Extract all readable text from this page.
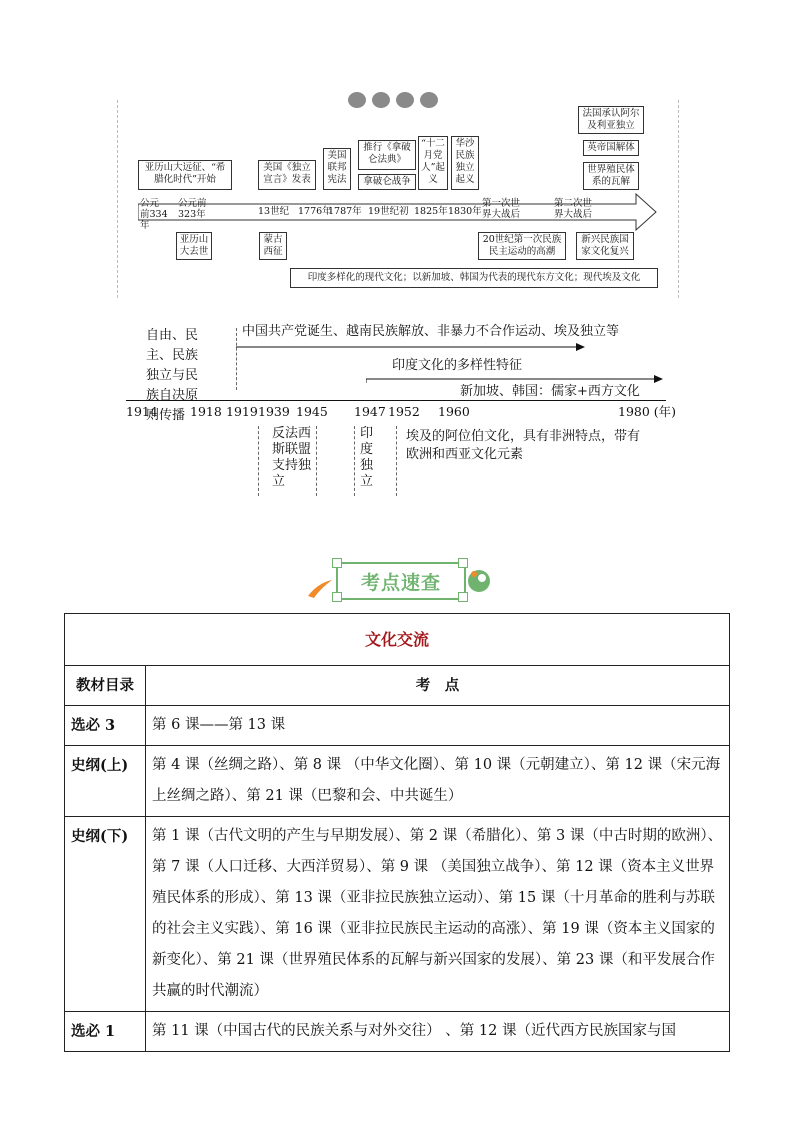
亚历山大远征、“希腊化时代”开始
美国《独立宣言》发表
美国联邦宪法
推行《拿破仑法典》
拿破仑战争
“十二月党人”起义
华沙民族独立起义
法国承认阿尔及利亚独立
英帝国解体
世界殖民体系的瓦解
公元前334年
公元前323年	13世纪 1776年
1787年 19世纪初 1825年 1830年
第一次世界大战后
第二次世界大战后
亚历山大去世
蒙古西征
20世纪第一次民族民主运动的高潮
新兴民族国家文化复兴
印度多样化的现代文化；以新加坡、韩国为代表的现代东方文化；现代埃及文化
自由、民主、民族独立与民族自决原则传播
中国共产党诞生、越南民族解放、非暴力不合作运动、埃及独立等
印度文化的多样性特征
新加坡、韩国：儒家+西方文化
1914	1918 1919 1939 1945 1947 1952 1960	1980 (年)
反法西斯联盟支持独立
印度独立
埃及的阿位伯文化，具有非洲特点，带有欧洲和西亚文化元素
考点速查
文化交流	
教材目录	考　点
选必 3	第 6 课——第 13 课
史纲(上)	第 4 课（丝绸之路）、第 8 课 （中华文化圈）、第 10 课（元朝建立）、第 12 课（宋元海上丝绸之路）、第 21 课（巴黎和会、中共诞生）
史纲(下)	第 1 课（古代文明的产生与早期发展）、第 2 课（希腊化）、第 3 课（中古时期的欧洲）、第 7 课（人口迁移、大西洋贸易）、第 9 课 （美国独立战争）、第 12 课（资本主义世界殖民体系的形成）、第 13 课（亚非拉民族独立运动）、第 15 课（十月革命的胜利与苏联的社会主义实践）、第 16 课（亚非拉民族民主运动的高涨）、第 19 课（资本主义国家的新变化）、第 21 课（世界殖民体系的瓦解与新兴国家的发展）、第 23 课（和平发展合作共赢的时代潮流）
选必 1	第 11 课（中国古代的民族关系与对外交往） 、第 12 课（近代西方民族国家与国
